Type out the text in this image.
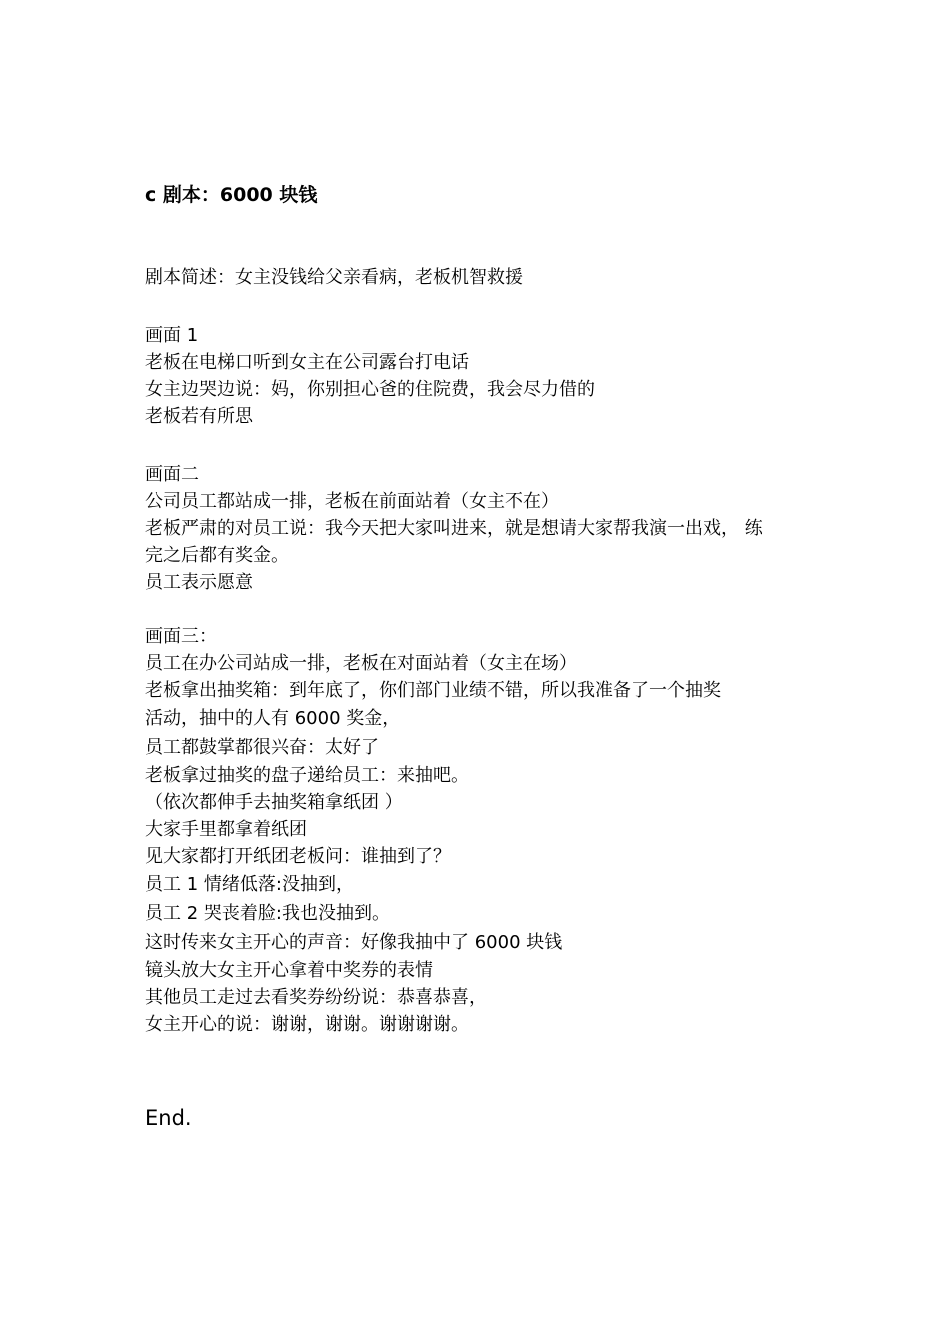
c 剧本：6000 块钱
剧本简述：女主没钱给父亲看病，老板机智救援
画面 1
老板在电梯口听到女主在公司露台打电话
女主边哭边说：妈，你别担心爸的住院费，我会尽力借的
老板若有所思
画面二
公司员工都站成一排，老板在前面站着（女主不在）
老板严肃的对员工说：我今天把大家叫进来，就是想请大家帮我演一出戏， 练
完之后都有奖金。
员工表示愿意
画面三：
员工在办公司站成一排，老板在对面站着（女主在场）
老板拿出抽奖箱：到年底了，你们部门业绩不错，所以我准备了一个抽奖
活动，抽中的人有 6000 奖金，
员工都鼓掌都很兴奋：太好了
老板拿过抽奖的盘子递给员工：来抽吧。
（依次都伸手去抽奖箱拿纸团 ）
大家手里都拿着纸团
见大家都打开纸团老板问：谁抽到了？
员工 1 情绪低落:没抽到，
员工 2 哭丧着脸:我也没抽到。
这时传来女主开心的声音：好像我抽中了 6000 块钱
镜头放大女主开心拿着中奖券的表情
其他员工走过去看奖券纷纷说：恭喜恭喜，
女主开心的说：谢谢，谢谢。谢谢谢谢。
End.
